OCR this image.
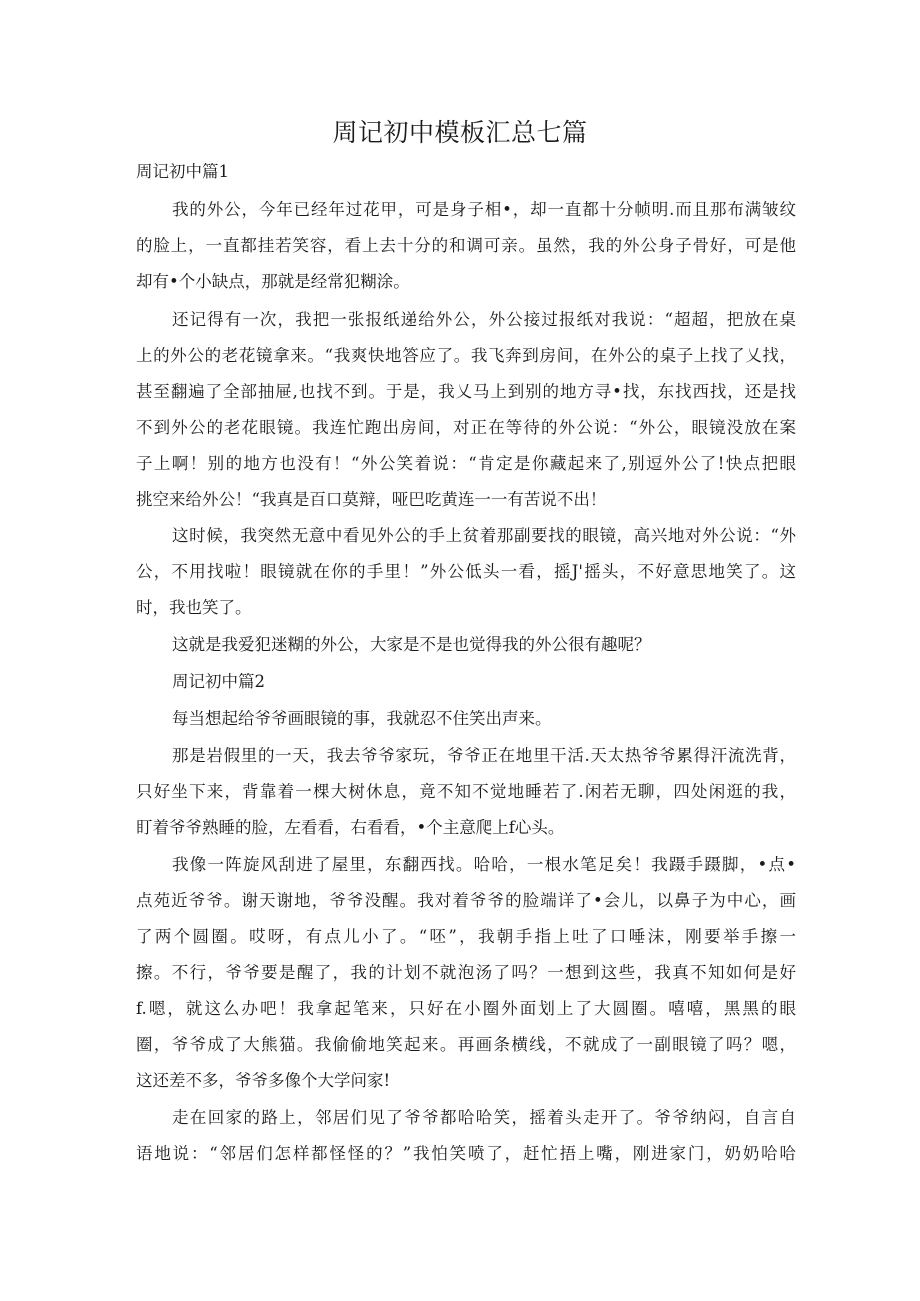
周记初中模板汇总七篇
周记初中篇1
我的外公，今年已经年过花甲，可是身子相•，却一直都十分帧明.而且那布满皱纹
的脸上，一直都挂若笑容，看上去十分的和调可亲。虽然，我的外公身子骨好，可是他
却有•个小缺点，那就是经常犯糊涂。
还记得有一次，我把一张报纸递给外公，外公接过报纸对我说：“超超，把放在桌
上的外公的老花镜拿来。“我爽快地答应了。我飞奔到房间，在外公的桌子上找了乂找，
甚至翻遍了全部抽屉,也找不到。于是，我乂马上到别的地方寻•找，东找西找，还是找
不到外公的老花眼镜。我连忙跑出房间，对正在等待的外公说：“外公，眼镜没放在案
子上啊！别的地方也没有！“外公笑着说：“肯定是你藏起来了,别逗外公了!快点把眼
挑空来给外公！“我真是百口莫辩，哑巴吃黄连一一有苦说不出！
这时候，我突然无意中看见外公的手上贫着那副要找的眼镜，高兴地对外公说：“外
公，不用找啦！眼镜就在你的手里！”外公低头一看，摇J'摇头，不好意思地笑了。这
时，我也笑了。
这就是我爱犯迷糊的外公，大家是不是也觉得我的外公很有趣呢？
周记初中篇2
每当想起给爷爷画眼镜的事，我就忍不住笑出声来。
那是岩假里的一天，我去爷爷家玩，爷爷正在地里干活.天太热爷爷累得汗流洗背，
只好坐下来，背靠着一棵大树休息，竟不知不觉地睡若了.闲若无聊，四处闲逛的我，
盯着爷爷熟睡的脸，左看看，右看看，•个主意爬上f心头。
我像一阵旋风刮进了屋里，东翻西找。哈哈，一根水笔足矣！我蹑手蹑脚，•点•
点苑近爷爷。谢天谢地，爷爷没醒。我对着爷爷的脸端详了•会儿，以鼻子为中心，画
了两个圆圈。哎呀，有点儿小了。“呸”，我朝手指上吐了口唾沫，刚要举手擦一
擦。不行，爷爷要是醒了，我的计划不就泡汤了吗？一想到这些，我真不知如何是好
f.嗯，就这么办吧！我拿起笔来，只好在小圈外面划上了大圆圈。嘻嘻，黑黑的眼
圈，爷爷成了大熊猫。我偷偷地笑起来。再画条横线，不就成了一副眼镜了吗？嗯，
这还差不多，爷爷多像个大学问家!
走在回家的路上，邻居们见了爷爷都哈哈笑，摇着头走开了。爷爷纳闷，自言自
语地说：“邻居们怎样都怪怪的？”我怕笑喷了，赶忙捂上嘴，刚进家门，奶奶哈哈
